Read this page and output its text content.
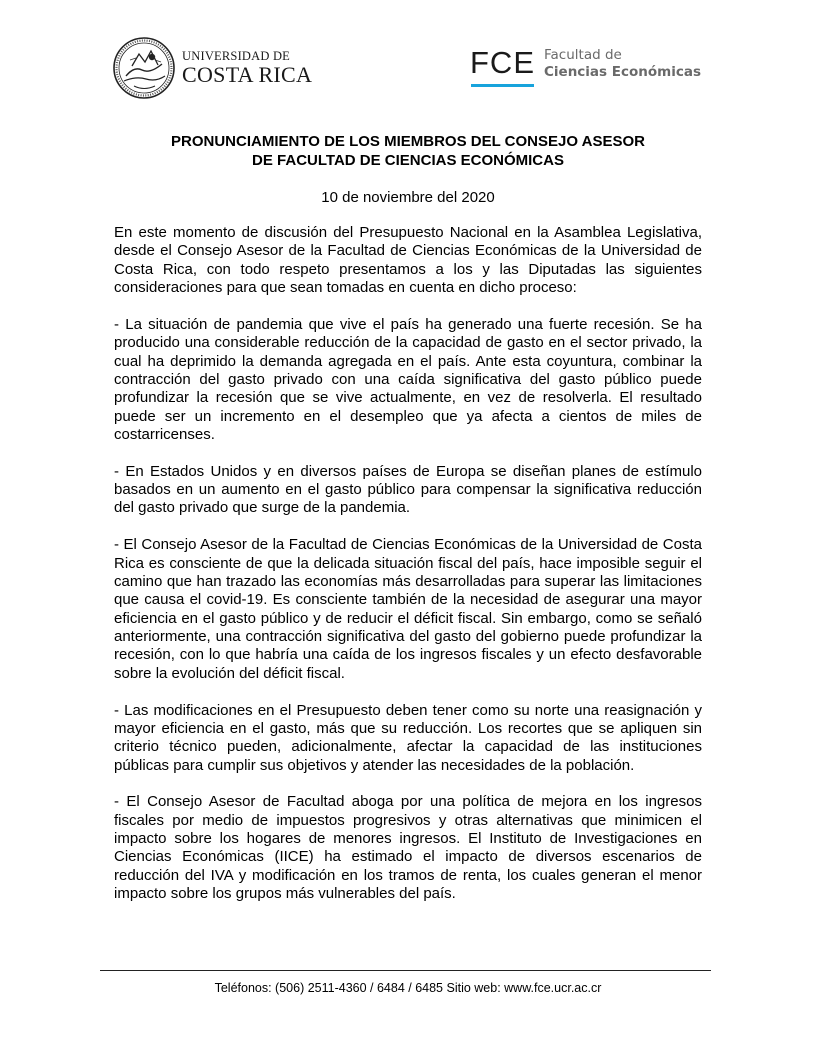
UNIVERSIDAD DE
COSTA RICA	FCE Facultad de
Ciencias Económicas
PRONUNCIAMIENTO DE LOS MIEMBROS DEL CONSEJO ASESOR
DE FACULTAD DE CIENCIAS ECONÓMICAS
10 de noviembre del 2020

En este momento de discusión del Presupuesto Nacional en la Asamblea Legislativa, desde el Consejo Asesor de la Facultad de Ciencias Económicas de la Universidad de Costa Rica, con todo respeto presentamos a los y las Diputadas las siguientes consideraciones para que sean tomadas en cuenta en dicho proceso:

- La situación de pandemia que vive el país ha generado una fuerte recesión. Se ha producido una considerable reducción de la capacidad de gasto en el sector privado, la cual ha deprimido la demanda agregada en el país. Ante esta coyuntura, combinar la contracción del gasto privado con una caída significativa del gasto público puede profundizar la recesión que se vive actualmente, en vez de resolverla. El resultado puede ser un incremento en el desempleo que ya afecta a cientos de miles de costarricenses.

- En Estados Unidos y en diversos países de Europa se diseñan planes de estímulo basados en un aumento en el gasto público para compensar la significativa reducción del gasto privado que surge de la pandemia.

- El Consejo Asesor de la Facultad de Ciencias Económicas de la Universidad de Costa Rica es consciente de que la delicada situación fiscal del país, hace imposible seguir el camino que han trazado las economías más desarrolladas para superar las limitaciones que causa el covid-19. Es consciente también de la necesidad de asegurar una mayor eficiencia en el gasto público y de reducir el déficit fiscal. Sin embargo, como se señaló anteriormente, una contracción significativa del gasto del gobierno puede profundizar la recesión, con lo que habría una caída de los ingresos fiscales y un efecto desfavorable sobre la evolución del déficit fiscal.

- Las modificaciones en el Presupuesto deben tener como su norte una reasignación y mayor eficiencia en el gasto, más que su reducción. Los recortes que se apliquen sin criterio técnico pueden, adicionalmente, afectar la capacidad de las instituciones públicas para cumplir sus objetivos y atender las necesidades de la población.

- El Consejo Asesor de Facultad aboga por una política de mejora en los ingresos fiscales por medio de impuestos progresivos y otras alternativas que minimicen el impacto sobre los hogares de menores ingresos. El Instituto de Investigaciones en Ciencias Económicas (IICE) ha estimado el impacto de diversos escenarios de reducción del IVA y modificación en los tramos de renta, los cuales generan el menor impacto sobre los grupos más vulnerables del país.

Teléfonos: (506) 2511-4360 / 6484 / 6485 Sitio web: www.fce.ucr.ac.cr
